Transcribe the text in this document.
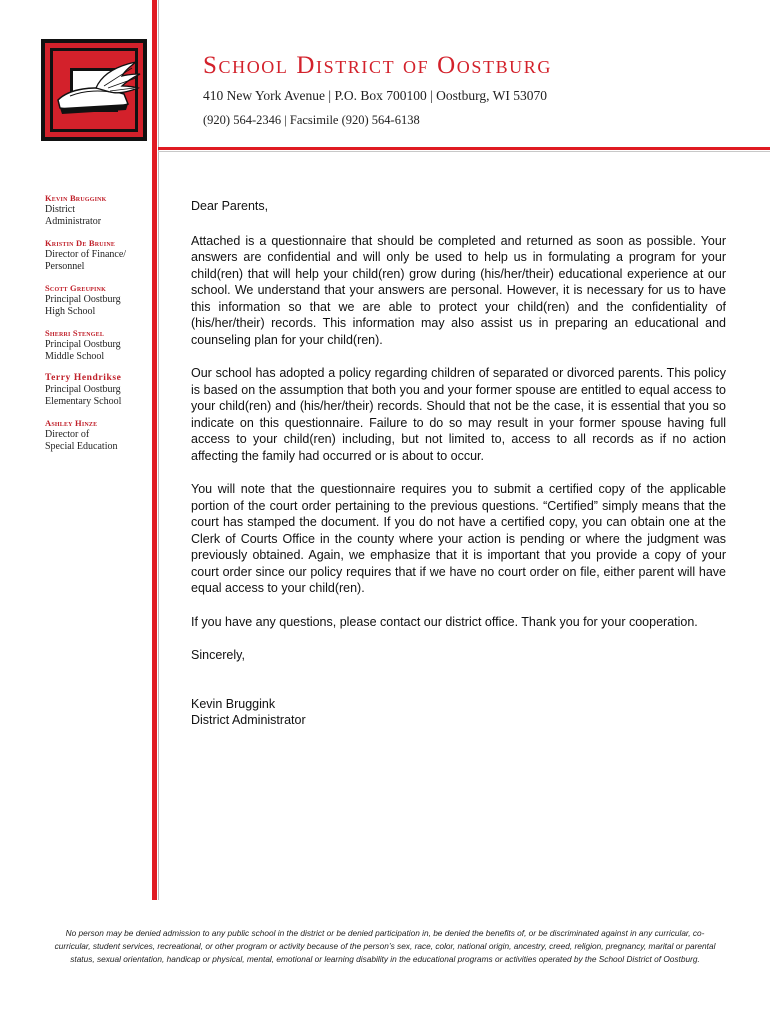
School District of Oostburg
410 New York Avenue | P.O. Box 700100 | Oostburg, WI 53070
(920) 564-2346 | Facsimile (920) 564-6138
Kevin Bruggink
District
Administrator
Kristin De Bruine
Director of Finance/
Personnel
Scott Greupink
Principal Oostburg
High School
Sherri Stengel
Principal Oostburg
Middle School
Terry Hendrikse
Principal Oostburg
Elementary School
Ashley Hinze
Director of
Special Education

Dear Parents,

Attached is a questionnaire that should be completed and returned as soon as possible. Your answers are confidential and will only be used to help us in formulating a program for your child(ren) that will help your child(ren) grow during (his/her/their) educational experience at our school. We understand that your answers are personal. However, it is necessary for us to have this information so that we are able to protect your child(ren) and the confidentiality of (his/her/their) records. This information may also assist us in preparing an educational and counseling plan for your child(ren).

Our school has adopted a policy regarding children of separated or divorced parents. This policy is based on the assumption that both you and your former spouse are entitled to equal access to your child(ren) and (his/her/their) records. Should that not be the case, it is essential that you so indicate on this questionnaire. Failure to do so may result in your former spouse having full access to your child(ren) including, but not limited to, access to all records as if no action affecting the family had occurred or is about to occur.

You will note that the questionnaire requires you to submit a certified copy of the applicable portion of the court order pertaining to the previous questions. “Certified” simply means that the court has stamped the document. If you do not have a certified copy, you can obtain one at the Clerk of Courts Office in the county where your action is pending or where the judgment was previously obtained. Again, we emphasize that it is important that you provide a copy of your court order since our policy requires that if we have no court order on file, either parent will have equal access to your child(ren).

If you have any questions, please contact our district office. Thank you for your cooperation.

Sincerely,

Kevin Bruggink

District Administrator

No person may be denied admission to any public school in the district or be denied participation in, be denied the benefits of, or be discriminated against in any curricular, co-curricular, student services, recreational, or other program or activity because of the person’s sex, race, color, national origin, ancestry, creed, religion, pregnancy, marital or parental status, sexual orientation, handicap or physical, mental, emotional or learning disability in the educational programs or activities operated by the School District of Oostburg.
